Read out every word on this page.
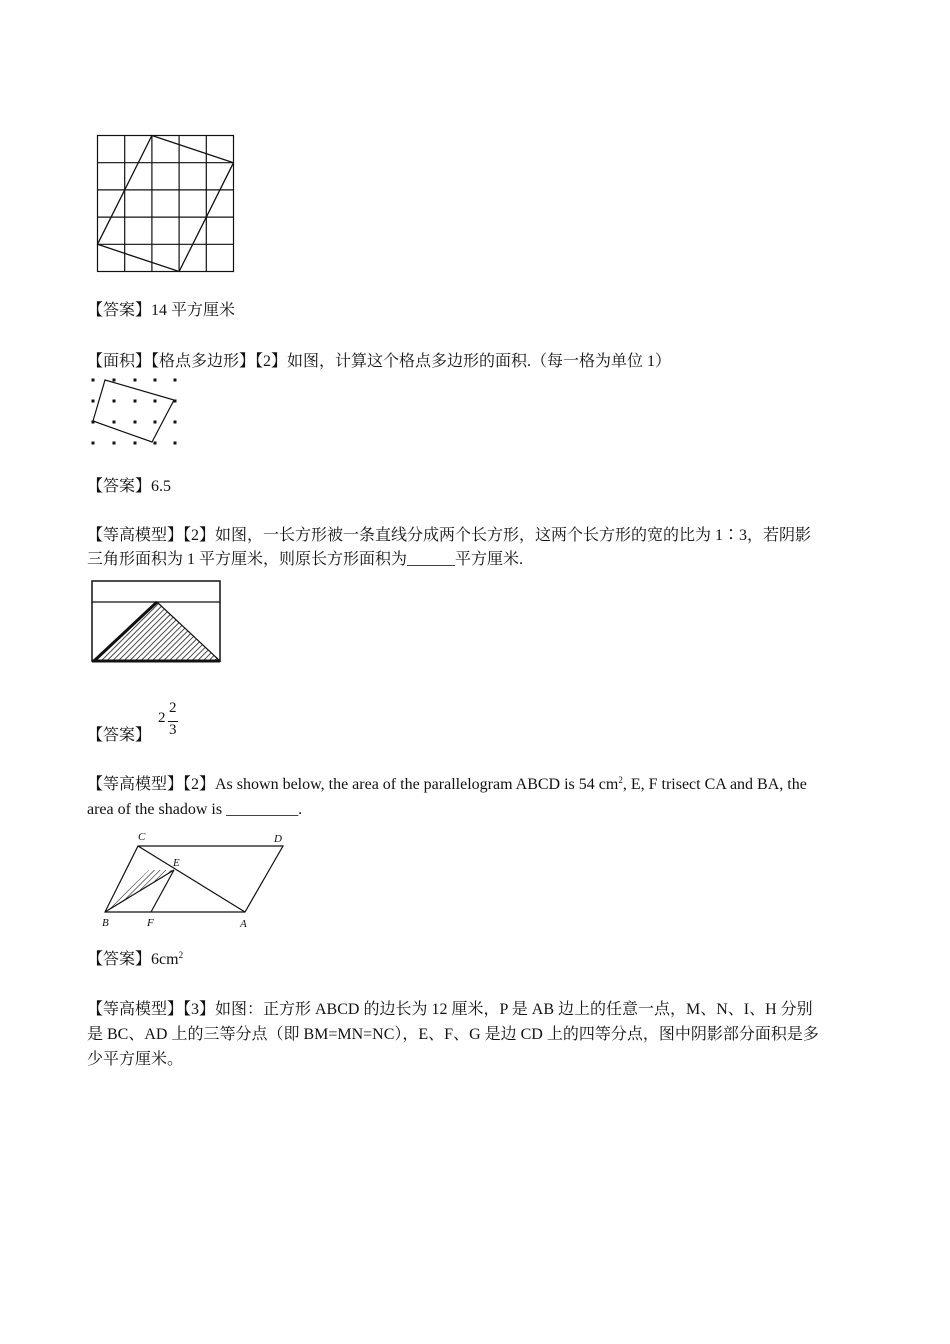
【答案】14 平方厘米
【面积】【格点多边形】【2】如图，计算这个格点多边形的面积.（每一格为单位 1）
【答案】6.5
【等高模型】【2】如图，一长方形被一条直线分成两个长方形，这两个长方形的宽的比为 1∶3，若阴影
三角形面积为 1 平方厘米，则原长方形面积为______平方厘米.
【答案】
2
2
3
【等高模型】【2】As shown below, the area of the parallelogram ABCD is 54 $cm^2$, E, F trisect CA and BA, the
area of the shadow is _________.
C	D
E
B	F	A
【答案】$6cm^2$
【等高模型】【3】如图：正方形 ABCD 的边长为 12 厘米，P 是 AB 边上的任意一点，M、N、I、H 分别
是 BC、AD 上的三等分点（即 BM=MN=NC），E、F、G 是边 CD 上的四等分点，图中阴影部分面积是多
少平方厘米。
